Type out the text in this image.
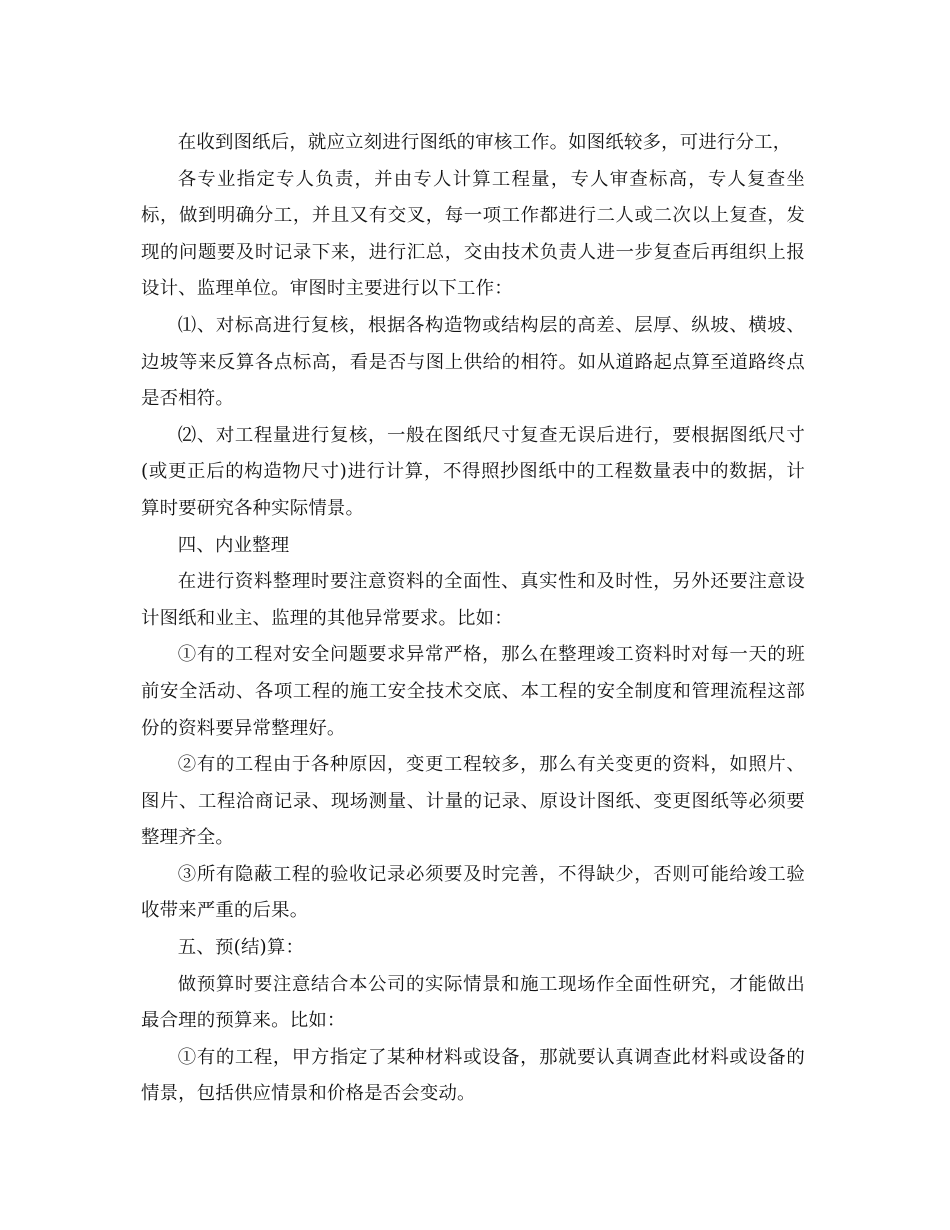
在收到图纸后，就应立刻进行图纸的审核工作。如图纸较多，可进行分工，

各专业指定专人负责，并由专人计算工程量，专人审查标高，专人复查坐标，做到明确分工，并且又有交叉，每一项工作都进行二人或二次以上复查，发现的问题要及时记录下来，进行汇总，交由技术负责人进一步复查后再组织上报设计、监理单位。审图时主要进行以下工作：

⑴、对标高进行复核，根据各构造物或结构层的高差、层厚、纵坡、横坡、边坡等来反算各点标高，看是否与图上供给的相符。如从道路起点算至道路终点是否相符。

⑵、对工程量进行复核，一般在图纸尺寸复查无误后进行，要根据图纸尺寸(或更正后的构造物尺寸)进行计算，不得照抄图纸中的工程数量表中的数据，计算时要研究各种实际情景。

四、内业整理

在进行资料整理时要注意资料的全面性、真实性和及时性，另外还要注意设计图纸和业主、监理的其他异常要求。比如：

①有的工程对安全问题要求异常严格，那么在整理竣工资料时对每一天的班前安全活动、各项工程的施工安全技术交底、本工程的安全制度和管理流程这部份的资料要异常整理好。

②有的工程由于各种原因，变更工程较多，那么有关变更的资料，如照片、图片、工程洽商记录、现场测量、计量的记录、原设计图纸、变更图纸等必须要整理齐全。

③所有隐蔽工程的验收记录必须要及时完善，不得缺少，否则可能给竣工验收带来严重的后果。

五、预(结)算：

做预算时要注意结合本公司的实际情景和施工现场作全面性研究，才能做出最合理的预算来。比如：

①有的工程，甲方指定了某种材料或设备，那就要认真调查此材料或设备的情景，包括供应情景和价格是否会变动。
